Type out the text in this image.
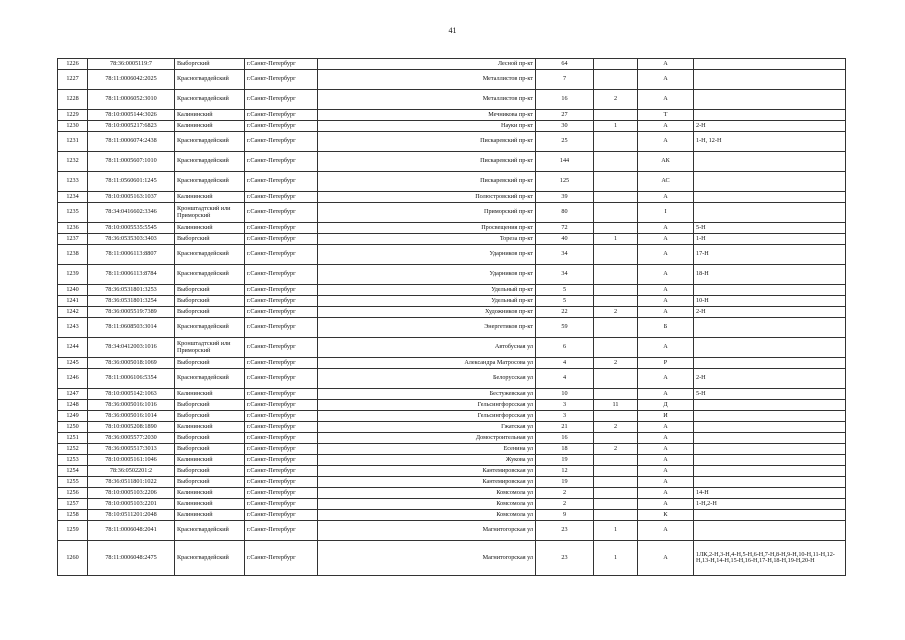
41
1226	78:36:0005119:7	Выборгский	г.Санкт-Петербург	Лесной пр-кт	64		А	
1227	78:11:0006042:2025	Красногвардейский	г.Санкт-Петербург	Металлистов пр-кт	7		А	
1228	78:11:0006052:3010	Красногвардейский	г.Санкт-Петербург	Металлистов пр-кт	16	2	А	
1229	78:10:0005144:3026	Калининский	г.Санкт-Петербург	Мечникова пр-кт	27		Т	
1230	78:10:0005217:6823	Калининский	г.Санкт-Петербург	Науки пр-кт	30	1	А	2-Н
1231	78:11:0006074:2438	Красногвардейский	г.Санкт-Петербург	Пискаревский пр-кт	25		А	1-Н, 12-Н
1232	78:11:0005607:1010	Красногвардейский	г.Санкт-Петербург	Пискаревский пр-кт	144		АК	
1233	78:11:0560601:1245	Красногвардейский	г.Санкт-Петербург	Пискаревский пр-кт	125		АС	
1234	78:10:0005163:1037	Калининский	г.Санкт-Петербург	Полюстровский пр-кт	39		А	
1235	78:34:0416602:3346	Кронштадтский или Приморский	г.Санкт-Петербург	Приморский пр-кт	80		I	
1236	78:10:0005535:5545	Калининский	г.Санкт-Петербург	Просвещения пр-кт	72		А	5-Н
1237	78:36:0535303:3403	Выборгский	г.Санкт-Петербург	Тореза пр-кт	40	1	А	1-Н
1238	78:11:0006113:8807	Красногвардейский	г.Санкт-Петербург	Ударников пр-кт	34		А	17-Н
1239	78:11:0006113:8784	Красногвардейский	г.Санкт-Петербург	Ударников пр-кт	34		А	18-Н
1240	78:36:0531801:3253	Выборгский	г.Санкт-Петербург	Удельный пр-кт	5		А	
1241	78:36:0531801:3254	Выборгский	г.Санкт-Петербург	Удельный пр-кт	5		А	10-Н
1242	78:36:0005519:7389	Выборгский	г.Санкт-Петербург	Художников пр-кт	22	2	А	2-Н
1243	78:11:0608503:3014	Красногвардейский	г.Санкт-Петербург	Энергетиков пр-кт	59		Б	
1244	78:34:0412003:1016	Кронштадтский или Приморский	г.Санкт-Петербург	Автобусная ул	6		А	
1245	78:36:0005018:1069	Выборгский	г.Санкт-Петербург	Александра Матросова ул	4	2	Р	
1246	78:11:0006106:5354	Красногвардейский	г.Санкт-Петербург	Белорусская ул	4		А	2-Н
1247	78:10:0005142:1063	Калининский	г.Санкт-Петербург	Бестужевская ул	10		А	5-Н
1248	78:36:0005016:1016	Выборгский	г.Санкт-Петербург	Гельсингфорсская ул	3	11	Д	
1249	78:36:0005016:1014	Выборгский	г.Санкт-Петербург	Гельсингфорсская ул	3		И	
1250	78:10:0005208:1890	Калининский	г.Санкт-Петербург	Гжатская ул	21	2	А	
1251	78:36:0005577:2030	Выборгский	г.Санкт-Петербург	Домостроительная ул	16		А	
1252	78:36:0005517:3013	Выборгский	г.Санкт-Петербург	Есенина ул	18	2	А	
1253	78:10:0005161:1046	Калининский	г.Санкт-Петербург	Жукова ул	19		А	
1254	78:36:0502201:2	Выборгский	г.Санкт-Петербург	Кантемировская ул	12		А	
1255	78:36:0511801:1022	Выборгский	г.Санкт-Петербург	Кантемировская ул	19		А	
1256	78:10:0005103:2206	Калининский	г.Санкт-Петербург	Комсомола ул	2		А	14-Н
1257	78:10:0005103:2201	Калининский	г.Санкт-Петербург	Комсомола ул	2		А	1-Н,2-Н
1258	78:10:0511201:2048	Калининский	г.Санкт-Петербург	Комсомола ул	9		К	
1259	78:11:0006048:2041	Красногвардейский	г.Санкт-Петербург	Магнитогорская ул	23	1	А	
1260	78:11:0006048:2475	Красногвардейский	г.Санкт-Петербург	Магнитогорская ул	23	1	А	1ЛК,2-Н,3-Н,4-Н,5-Н,6-Н,7-Н,8-Н,9-Н,10-Н,11-Н,12-Н,13-Н,14-Н,15-Н,16-Н,17-Н,18-Н,19-Н,20-Н
